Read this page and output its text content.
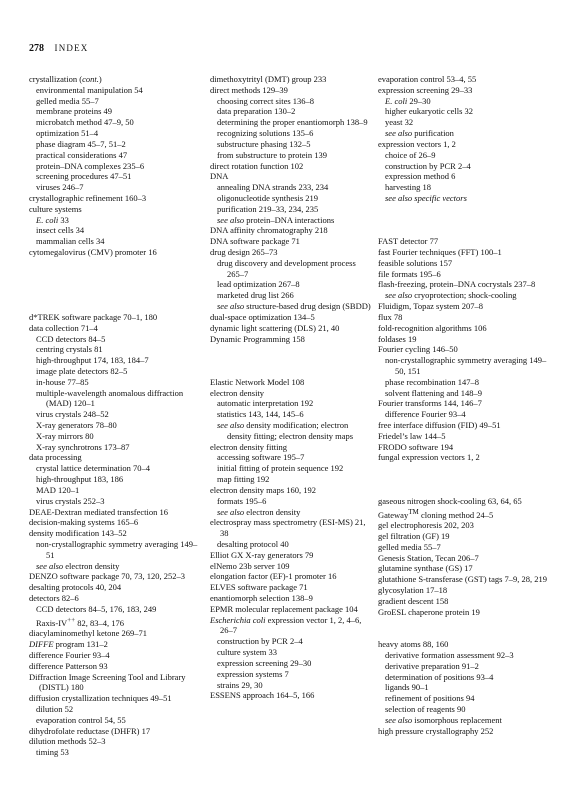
278 INDEX
crystallization (cont.)
environmental manipulation 54
gelled media 55–7
membrane proteins 49
microbatch method 47–9, 50
optimization 51–4
phase diagram 45–7, 51–2
practical considerations 47
protein–DNA complexes 235–6
screening procedures 47–51
viruses 246–7
crystallographic refinement 160–3
culture systems
E. coli 33
insect cells 34
mammalian cells 34
cytomegalovirus (CMV) promoter 16
d*TREK software package 70–1, 180
data collection 71–4
CCD detectors 84–5
centring crystals 81
high-throughput 174, 183, 184–7
image plate detectors 82–5
in-house 77–85
multiple-wavelength anomalous diffraction (MAD) 120–1
virus crystals 248–52
X-ray generators 78–80
X-ray mirrors 80
X-ray synchrotrons 173–87
data processing
crystal lattice determination 70–4
high-throughput 183, 186
MAD 120–1
virus crystals 252–3
DEAE-Dextran mediated transfection 16
decision-making systems 165–6
density modification 143–52
non-crystallographic symmetry averaging 149–51
see also electron density
DENZO software package 70, 73, 120, 252–3
desalting protocols 40, 204
detectors 82–6
CCD detectors 84–5, 176, 183, 249
Raxis-IV++ 82, 83–4, 176
diacylaminomethyl ketone 269–71
DIFFE program 131–2
difference Fourier 93–4
difference Patterson 93
Diffraction Image Screening Tool and Library (DISTL) 180
diffusion crystallization techniques 49–51
dilution 52
evaporation control 54, 55
dihydrofolate reductase (DHFR) 17
dilution methods 52–3
timing 53
dimethoxytrityl (DMT) group 233
direct methods 129–39
choosing correct sites 136–8
data preparation 130–2
determining the proper enantiomorph 138–9
recognizing solutions 135–6
substructure phasing 132–5
from substructure to protein 139
direct rotation function 102
DNA
annealing DNA strands 233, 234
oligonucleotide synthesis 219
purification 219–33, 234, 235
see also protein–DNA interactions
DNA affinity chromatography 218
DNA software package 71
drug design 265–73
drug discovery and development process 265–7
lead optimization 267–8
marketed drug list 266
see also structure-based drug design (SBDD)
dual-space optimization 134–5
dynamic light scattering (DLS) 21, 40
Dynamic Programming 158
Elastic Network Model 108
electron density
automatic interpretation 192
statistics 143, 144, 145–6
see also density modification; electron density fitting; electron density maps
electron density fitting
accessing software 195–7
initial fitting of protein sequence 192
map fitting 192
electron density maps 160, 192
formats 195–6
see also electron density
electrospray mass spectrometry (ESI-MS) 21, 38
desalting protocol 40
Elliot GX X-ray generators 79
elNemo 23b server 109
elongation factor (EF)-1 promoter 16
ELVES software package 71
enantiomorph selection 138–9
EPMR molecular replacement package 104
Escherichia coli expression vector 1, 2, 4–6, 26–7
construction by PCR 2–4
culture system 33
expression screening 29–30
expression systems 7
strains 29, 30
ESSENS approach 164–5, 166
evaporation control 53–4, 55
expression screening 29–33
E. coli 29–30
higher eukaryotic cells 32
yeast 32
see also purification
expression vectors 1, 2
choice of 26–9
construction by PCR 2–4
expression method 6
harvesting 18
see also specific vectors
FAST detector 77
fast Fourier techniques (FFT) 100–1
feasible solutions 157
file formats 195–6
flash-freezing, protein–DNA cocrystals 237–8
see also cryoprotection; shock-cooling
Fluidigm, Topaz system 207–8
flux 78
fold-recognition algorithms 106
foldases 19
Fourier cycling 146–50
non-crystallographic symmetry averaging 149–50, 151
phase recombination 147–8
solvent flattening and 148–9
Fourier transforms 144, 146–7
difference Fourier 93–4
free interface diffusion (FID) 49–51
Friedel’s law 144–5
FRODO software 194
fungal expression vectors 1, 2
gaseous nitrogen shock-cooling 63, 64, 65
Gateway™ cloning method 24–5
gel electrophoresis 202, 203
gel filtration (GF) 19
gelled media 55–7
Genesis Station, Tecan 206–7
glutamine synthase (GS) 17
glutathione S-transferase (GST) tags 7–9, 28, 219
glycosylation 17–18
gradient descent 158
GroESL chaperone protein 19
heavy atoms 88, 160
derivative formation assessment 92–3
derivative preparation 91–2
determination of positions 93–4
ligands 90–1
refinement of positions 94
selection of reagents 90
see also isomorphous replacement
high pressure crystallography 252
